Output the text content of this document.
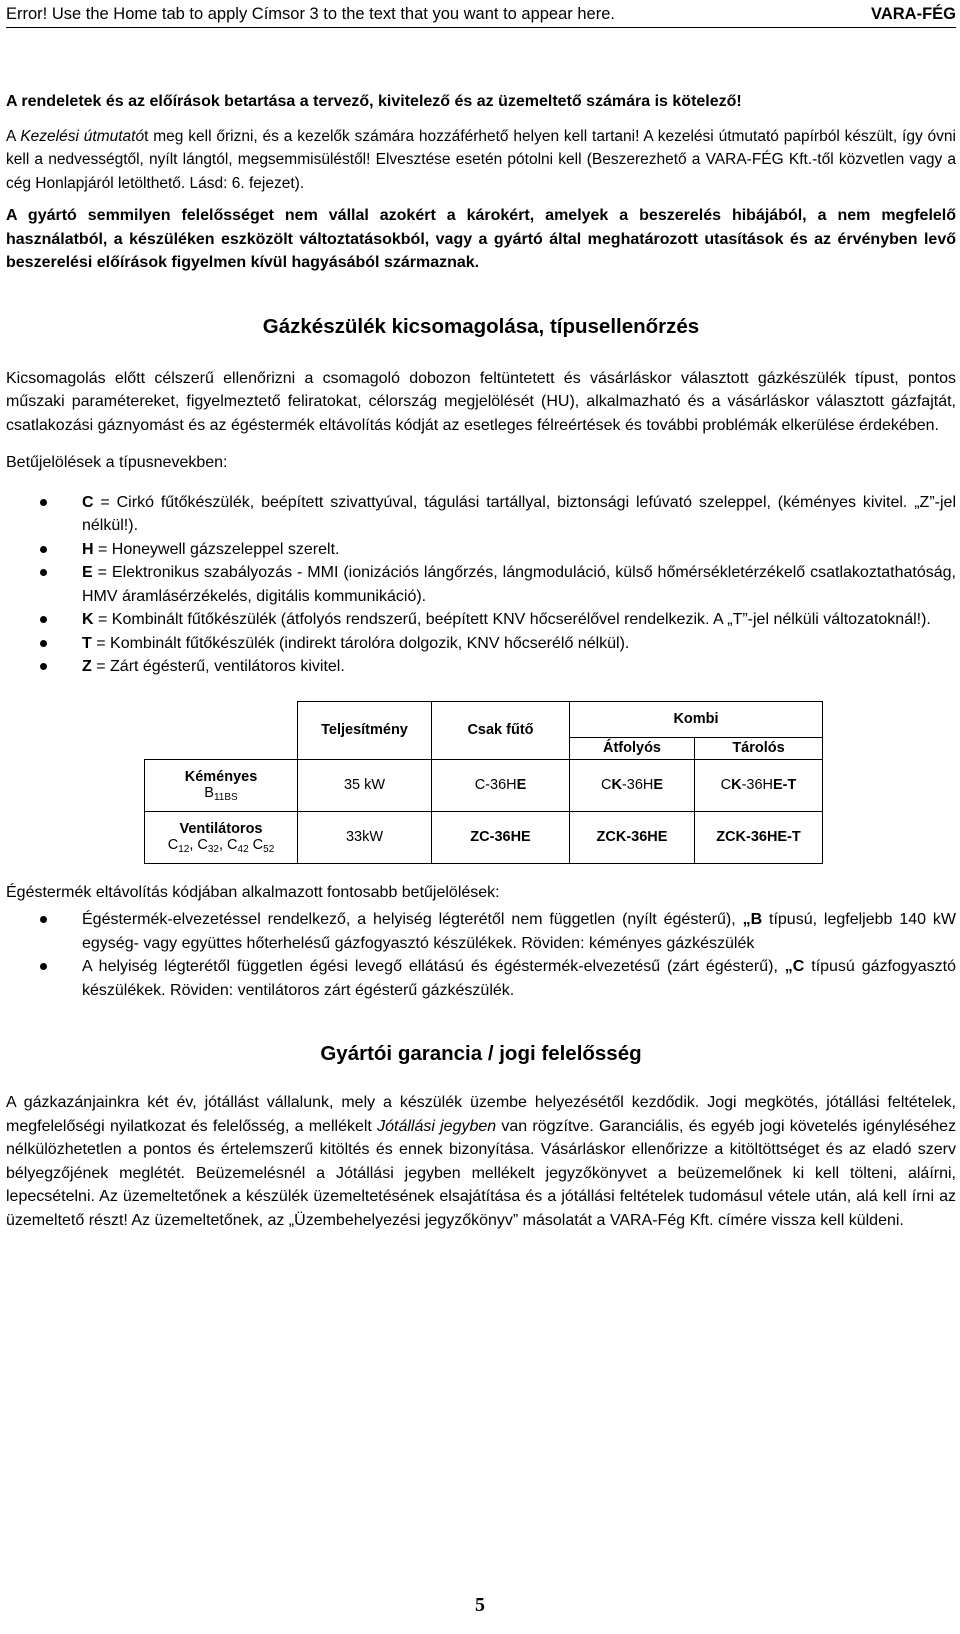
Error! Use the Home tab to apply Címsor 3 to the text that you want to appear here.	VARA-FÉG

A rendeletek és az előírások betartása a tervező, kivitelező és az üzemeltető számára is kötelező!

A Kezelési útmutatót meg kell őrizni, és a kezelők számára hozzáférhető helyen kell tartani! A kezelési útmutató papírból készült, így óvni kell a nedvességtől, nyílt lángtól, megsemmisüléstől! Elvesztése esetén pótolni kell (Beszerezhető a VARA-FÉG Kft.-től közvetlen vagy a cég Honlapjáról letölthető. Lásd: 6. fejezet).

A gyártó semmilyen felelősséget nem vállal azokért a károkért, amelyek a beszerelés hibájából, a nem megfelelő használatból, a készüléken eszközölt változtatásokból, vagy a gyártó által meghatározott utasítások és az érvényben levő beszerelési előírások figyelmen kívül hagyásából származnak.

Gázkészülék kicsomagolása, típusellenőrzés

Kicsomagolás előtt célszerű ellenőrizni a csomagoló dobozon feltüntetett és vásárláskor választott gázkészülék típust, pontos műszaki paramétereket, figyelmeztető feliratokat, célország megjelölését (HU), alkalmazható és a vásárláskor választott gázfajtát, csatlakozási gáznyomást és az égéstermék eltávolítás kódját az esetleges félreértések és további problémák elkerülése érdekében.

Betűjelölések a típusnevekben:

C = Cirkó fűtőkészülék, beépített szivattyúval, tágulási tartállyal, biztonsági lefúvató szeleppel, (kéményes kivitel. „Z”-jel nélkül!).
H = Honeywell gázszeleppel szerelt.
E = Elektronikus szabályozás - MMI (ionizációs lángőrzés, lángmoduláció, külső hőmérsékletérzékelő csatlakoztathatóság, HMV áramlásérzékelés, digitális kommunikáció).
K = Kombinált fűtőkészülék (átfolyós rendszerű, beépített KNV hőcserélővel rendelkezik. A „T”-jel nélküli változatoknál!).
T = Kombinált fűtőkészülék (indirekt tárolóra dolgozik, KNV hőcserélő nélkül).
Z = Zárt égésterű, ventilátoros kivitel.
	Teljesítmény	Csak fűtő	Kombi	
			Átfolyós	Tárolós
Kéményes
$B_{11BS}$	35 kW	C-36HE	CK-36HE	CK-36HE-T
Ventilátoros
$C_{12}$, $C_{32}$, $C_{42}$ $C_{52}$	33kW	ZC-36HE	ZCK-36HE	ZCK-36HE-T

Égéstermék eltávolítás kódjában alkalmazott fontosabb betűjelölések:

Égéstermék-elvezetéssel rendelkező, a helyiség légterétől nem független (nyílt égésterű), „B típusú, legfeljebb 140 kW egység- vagy együttes hőterhelésű gázfogyasztó készülékek. Röviden: kéményes gázkészülék
A helyiség légterétől független égési levegő ellátású és égéstermék-elvezetésű (zárt égésterű), „C típusú gázfogyasztó készülékek. Röviden: ventilátoros zárt égésterű gázkészülék.
Gyártói garancia / jogi felelősség

A gázkazánjainkra két év, jótállást vállalunk, mely a készülék üzembe helyezésétől kezdődik. Jogi megkötés, jótállási feltételek, megfelelőségi nyilatkozat és felelősség, a mellékelt Jótállási jegyben van rögzítve. Garanciális, és egyéb jogi követelés igényléséhez nélkülözhetetlen a pontos és értelemszerű kitöltés és ennek bizonyítása. Vásárláskor ellenőrizze a kitöltöttséget és az eladó szerv bélyegzőjének meglétét. Beüzemelésnél a Jótállási jegyben mellékelt jegyzőkönyvet a beüzemelőnek ki kell tölteni, aláírni, lepecsételni. Az üzemeltetőnek a készülék üzemeltetésének elsajátítása és a jótállási feltételek tudomásul vétele után, alá kell írni az üzemeltető részt! Az üzemeltetőnek, az „Üzembehelyezési jegyzőkönyv” másolatát a VARA-Fég Kft. címére vissza kell küldeni.

5
